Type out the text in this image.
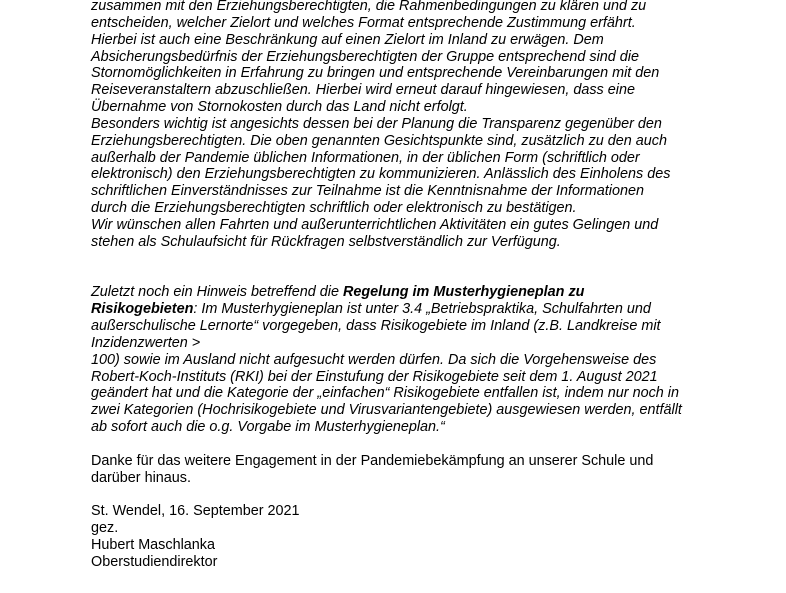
zusammen mit den Erziehungsberechtigten, die Rahmenbedingungen zu klären und zu
entscheiden, welcher Zielort und welches Format entsprechende Zustimmung erfährt.
Hierbei ist auch eine Beschränkung auf einen Zielort im Inland zu erwägen. Dem
Absicherungsbedürfnis der Erziehungsberechtigten der Gruppe entsprechend sind die
Stornomöglichkeiten in Erfahrung zu bringen und entsprechende Vereinbarungen mit den
Reiseveranstaltern abzuschließen. Hierbei wird erneut darauf hingewiesen, dass eine
Übernahme von Stornokosten durch das Land nicht erfolgt.
Besonders wichtig ist angesichts dessen bei der Planung die Transparenz gegenüber den
Erziehungsberechtigten. Die oben genannten Gesichtspunkte sind, zusätzlich zu den auch
außerhalb der Pandemie üblichen Informationen, in der üblichen Form (schriftlich oder
elektronisch) den Erziehungsberechtigten zu kommunizieren. Anlässlich des Einholens des
schriftlichen Einverständnisses zur Teilnahme ist die Kenntnisnahme der Informationen
durch die Erziehungsberechtigten schriftlich oder elektronisch zu bestätigen.
Wir wünschen allen Fahrten und außerunterrichtlichen Aktivitäten ein gutes Gelingen und
stehen als Schulaufsicht für Rückfragen selbstverständlich zur Verfügung.
Zuletzt noch ein Hinweis betreffend die Regelung im Musterhygieneplan zu
Risikogebieten: Im Musterhygieneplan ist unter 3.4 „Betriebspraktika, Schulfahrten und
außerschulische Lernorte“ vorgegeben, dass Risikogebiete im Inland (z.B. Landkreise mit
Inzidenzwerten >
100) sowie im Ausland nicht aufgesucht werden dürfen. Da sich die Vorgehensweise des
Robert-Koch-Instituts (RKI) bei der Einstufung der Risikogebiete seit dem 1. August 2021
geändert hat und die Kategorie der „einfachen“ Risikogebiete entfallen ist, indem nur noch in
zwei Kategorien (Hochrisikogebiete und Virusvariantengebiete) ausgewiesen werden, entfällt
ab sofort auch die o.g. Vorgabe im Musterhygieneplan.“
Danke für das weitere Engagement in der Pandemiebekämpfung an unserer Schule und
darüber hinaus.
St. Wendel, 16. September 2021
gez.
Hubert Maschlanka
Oberstudiendirektor
